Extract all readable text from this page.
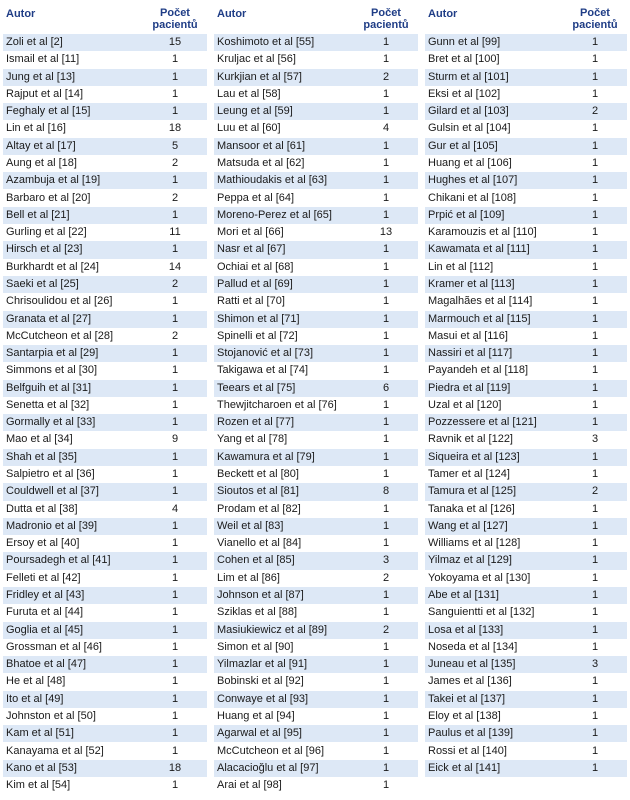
Autor	Počet
pacientů
Zoli et al [2]	15
Ismail et al [11]	1
Jung et al [13]	1
Rajput et al [14]	1
Feghaly et al [15]	1
Lin et al [16]	18
Altay et al [17]	5
Aung et al [18]	2
Azambuja et al [19]	1
Barbaro et al [20]	2
Bell et al [21]	1
Gurling et al [22]	11
Hirsch et al [23]	1
Burkhardt et al [24]	14
Saeki et al [25]	2
Chrisoulidou et al [26]	1
Granata et al [27]	1
McCutcheon et al [28]	2
Santarpia et al [29]	1
Simmons et al [30]	1
Belfguih et al [31]	1
Senetta et al [32]	1
Gormally et al [33]	1
Mao et al [34]	9
Shah et al [35]	1
Salpietro et al [36]	1
Couldwell et al [37]	1
Dutta et al [38]	4
Madronio et al [39]	1
Ersoy et al [40]	1
Poursadegh et al [41]	1
Felleti et al [42]	1
Fridley et al [43]	1
Furuta et al [44]	1
Goglia et al [45]	1
Grossman et al [46]	1
Bhatoe et al [47]	1
He et al [48]	1
Ito et al [49]	1
Johnston et al [50]	1
Kam et al [51]	1
Kanayama et al [52]	1
Kano et al [53]	18
Kim et al [54]	1
Autor	Počet
pacientů
Koshimoto et al [55]	1
Kruljac et al [56]	1
Kurkjian et al [57]	2
Lau et al [58]	1
Leung et al [59]	1
Luu et al [60]	4
Mansoor et al [61]	1
Matsuda et al [62]	1
Mathioudakis et al [63]	1
Peppa et al [64]	1
Moreno-Perez et al [65]	1
Mori et al [66]	13
Nasr et al [67]	1
Ochiai et al [68]	1
Pallud et al [69]	1
Ratti et al [70]	1
Shimon et al [71]	1
Spinelli et al [72]	1
Stojanović et al [73]	1
Takigawa et al [74]	1
Teears et al [75]	6
Thewjitcharoen et al [76]	1
Rozen et al [77]	1
Yang et al [78]	1
Kawamura et al [79]	1
Beckett et al [80]	1
Sioutos et al [81]	8
Prodam et al [82]	1
Weil et al [83]	1
Vianello et al [84]	1
Cohen et al [85]	3
Lim et al [86]	2
Johnson et al [87]	1
Sziklas et al [88]	1
Masiukiewicz et al [89]	2
Simon et al [90]	1
Yilmazlar et al [91]	1
Bobinski et al [92]	1
Conwaye et al [93]	1
Huang et al [94]	1
Agarwal et al [95]	1
McCutcheon et al [96]	1
Alacacioğlu et al [97]	1
Arai et al [98]	1
Autor	Počet
pacientů
Gunn et al [99]	1
Bret et al [100]	1
Sturm et al [101]	1
Eksi et al [102]	1
Gilard et al [103]	2
Gulsin et al [104]	1
Gur et al [105]	1
Huang et al [106]	1
Hughes et al [107]	1
Chikani et al [108]	1
Prpić et al [109]	1
Karamouzis et al [110]	1
Kawamata et al [111]	1
Lin et al [112]	1
Kramer et al [113]	1
Magalhães et al [114]	1
Marmouch et al [115]	1
Masui et al [116]	1
Nassiri et al [117]	1
Payandeh et al [118]	1
Piedra et al [119]	1
Uzal et al [120]	1
Pozzessere et al [121]	1
Ravnik et al [122]	3
Siqueira et al [123]	1
Tamer et al [124]	1
Tamura et al [125]	2
Tanaka et al [126]	1
Wang et al [127]	1
Williams et al [128]	1
Yilmaz et al [129]	1
Yokoyama et al [130]	1
Abe et al [131]	1
Sanguientti et al [132]	1
Losa et al [133]	1
Noseda et al [134]	1
Juneau et al [135]	3
James et al [136]	1
Takei et al [137]	1
Eloy et al [138]	1
Paulus et al [139]	1
Rossi et al [140]	1
Eick et al [141]	1
